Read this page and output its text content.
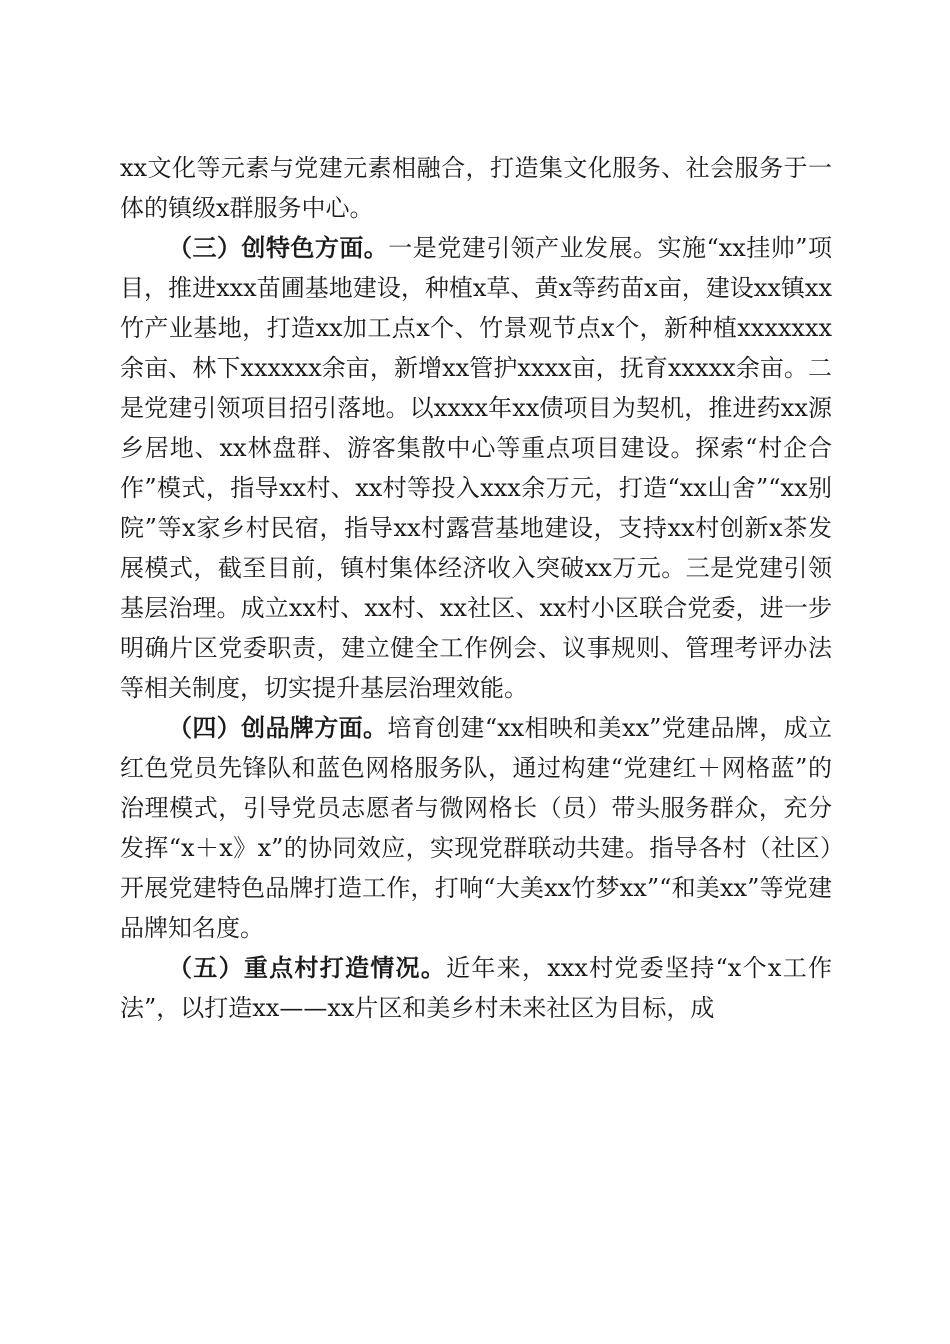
xx文化等元素与党建元素相融合，打造集文化服务、社会服务于一体的镇级x群服务中心。

（三）创特色方面。一是党建引领产业发展。实施“xx挂帅”项目，推进xxx苗圃基地建设，种植x草、黄x等药苗x亩，建设xx镇xx竹产业基地，打造xx加工点x个、竹景观节点x个，新种植xxxxxxx余亩、林下xxxxxx余亩，新增xx管护xxxx亩，抚育xxxxx余亩。二是党建引领项目招引落地。以xxxx年xx债项目为契机，推进药xx源乡居地、xx林盘群、游客集散中心等重点项目建设。探索“村企合作”模式，指导xx村、xx村等投入xxx余万元，打造“xx山舍”“xx别院”等x家乡村民宿，指导xx村露营基地建设，支持xx村创新x茶发展模式，截至目前，镇村集体经济收入突破xx万元。三是党建引领基层治理。成立xx村、xx村、xx社区、xx村小区联合党委，进一步明确片区党委职责，建立健全工作例会、议事规则、管理考评办法等相关制度，切实提升基层治理效能。

（四）创品牌方面。培育创建“xx相映和美xx”党建品牌，成立红色党员先锋队和蓝色网格服务队，通过构建“党建红＋网格蓝”的治理模式，引导党员志愿者与微网格长（员）带头服务群众，充分发挥“x＋x》x”的协同效应，实现党群联动共建。指导各村（社区）开展党建特色品牌打造工作，打响“大美xx竹梦xx”“和美xx”等党建品牌知名度。

（五）重点村打造情况。近年来，xxx村党委坚持“x个x工作法”，以打造xx——xx片区和美乡村未来社区为目标，成
